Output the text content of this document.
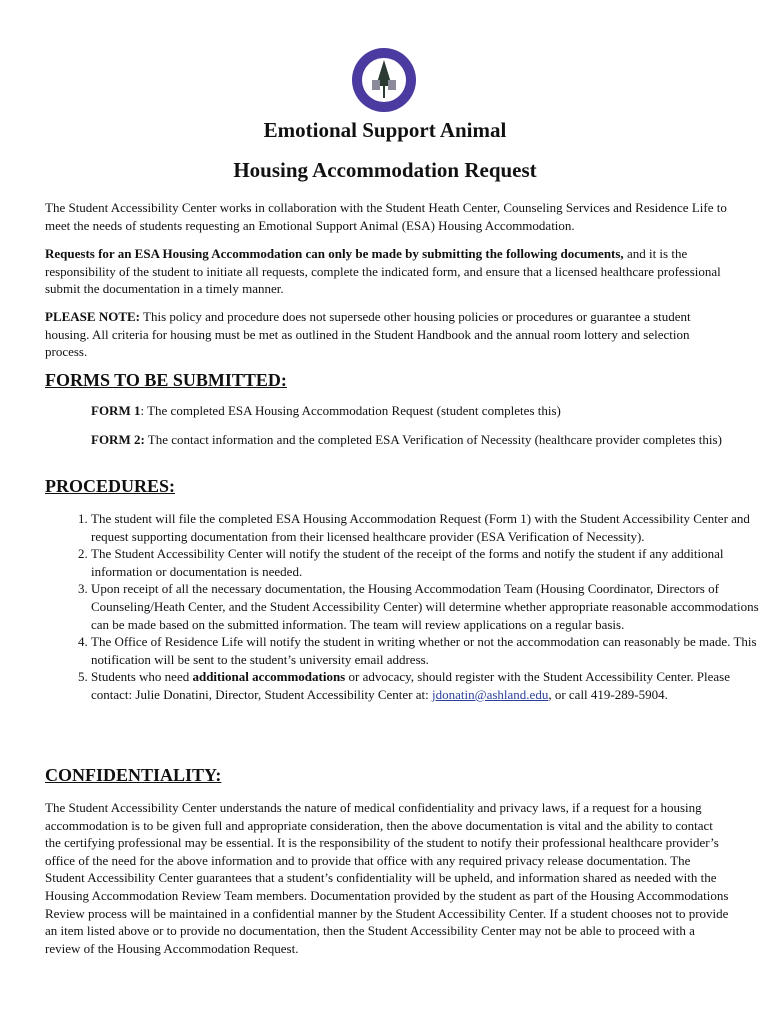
Emotional Support Animal
Housing Accommodation Request

The Student Accessibility Center works in collaboration with the Student Heath Center, Counseling Services and Residence Life to meet the needs of students requesting an Emotional Support Animal (ESA) Housing Accommodation.

Requests for an ESA Housing Accommodation can only be made by submitting the following documents, and it is the responsibility of the student to initiate all requests, complete the indicated form, and ensure that a licensed healthcare professional submit the documentation in a timely manner.

PLEASE NOTE: This policy and procedure does not supersede other housing policies or procedures or guarantee a student housing. All criteria for housing must be met as outlined in the Student Handbook and the annual room lottery and selection process.

FORMS TO BE SUBMITTED:

FORM 1: The completed ESA Housing Accommodation Request (student completes this)

FORM 2: The contact information and the completed ESA Verification of Necessity (healthcare provider completes this)

PROCEDURES:
1. The student will file the completed ESA Housing Accommodation Request (Form 1) with the Student Accessibility Center and request supporting documentation from their licensed healthcare provider (ESA Verification of Necessity).
2. The Student Accessibility Center will notify the student of the receipt of the forms and notify the student if any additional information or documentation is needed.
3. Upon receipt of all the necessary documentation, the Housing Accommodation Team (Housing Coordinator, Directors of Counseling/Heath Center, and the Student Accessibility Center) will determine whether appropriate reasonable accommodations can be made based on the submitted information. The team will review applications on a regular basis.
4. The Office of Residence Life will notify the student in writing whether or not the accommodation can reasonably be made. This notification will be sent to the student’s university email address.
5. Students who need additional accommodations or advocacy, should register with the Student Accessibility Center. Please contact: Julie Donatini, Director, Student Accessibility Center at: jdonatin@ashland.edu, or call 419-289-5904.
CONFIDENTIALITY:

The Student Accessibility Center understands the nature of medical confidentiality and privacy laws, if a request for a housing accommodation is to be given full and appropriate consideration, then the above documentation is vital and the ability to contact the certifying professional may be essential. It is the responsibility of the student to notify their professional healthcare provider’s office of the need for the above information and to provide that office with any required privacy release documentation. The Student Accessibility Center guarantees that a student’s confidentiality will be upheld, and information shared as needed with the Housing Accommodation Review Team members. Documentation provided by the student as part of the Housing Accommodations Review process will be maintained in a confidential manner by the Student Accessibility Center. If a student chooses not to provide an item listed above or to provide no documentation, then the Student Accessibility Center may not be able to proceed with a review of the Housing Accommodation Request.
